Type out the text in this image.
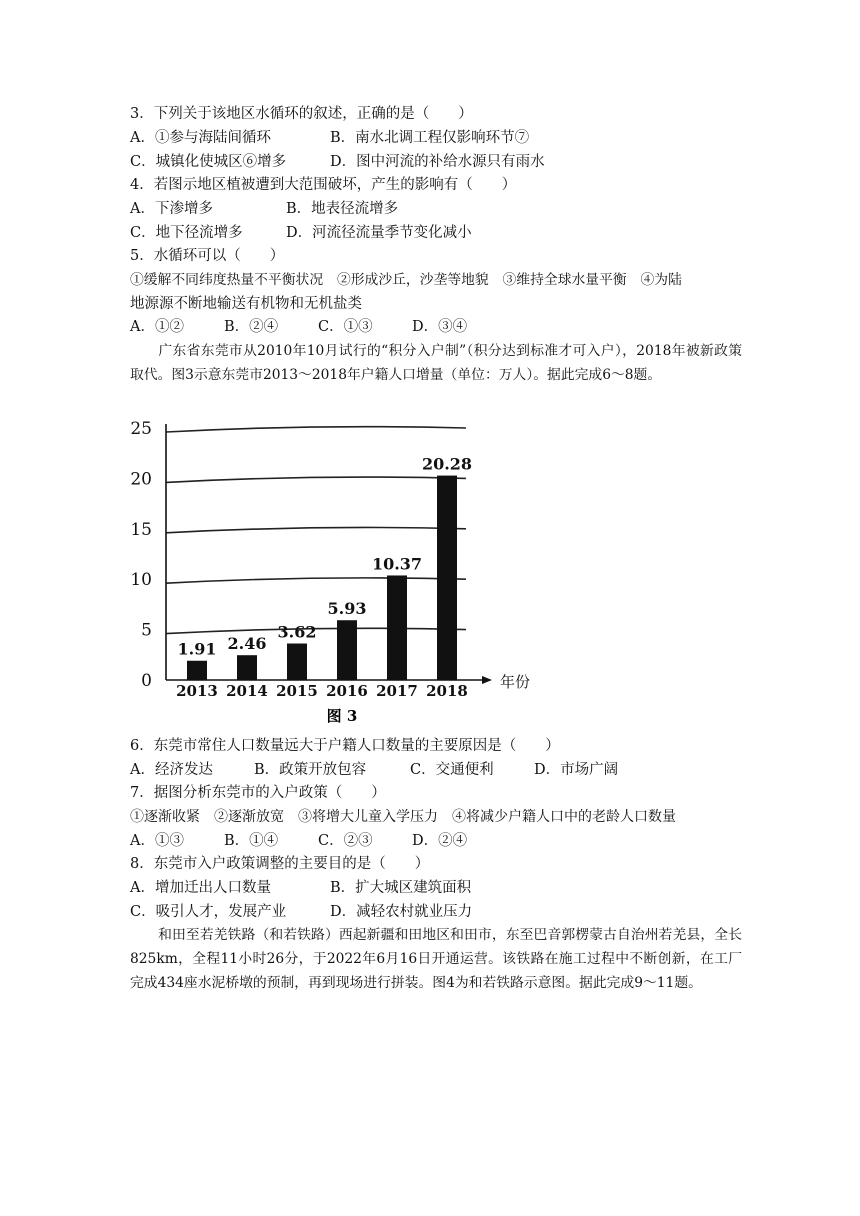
3．下列关于该地区水循环的叙述，正确的是（　　）
A．①参与海陆间循环	B．南水北调工程仅影响环节⑦
C．城镇化使城区⑥增多	D．图中河流的补给水源只有雨水
4．若图示地区植被遭到大范围破坏，产生的影响有（　　）
A．下渗增多	B．地表径流增多
C．地下径流增多	D．河流径流量季节变化减小
5．水循环可以（　　）
①缓解不同纬度热量不平衡状况　②形成沙丘，沙垄等地貌　③维持全球水量平衡　④为陆
地源源不断地输送有机物和无机盐类
A．①②	B．②④	C．①③	D．③④
广东省东莞市从2010年10月试行的“积分入户制”（积分达到标准才可入户），2018年被新政策取代。图3示意东莞市2013～2018年户籍人口增量（单位：万人）。据此完成6～8题。
0
5
10
15
20
25
年份
1.91
2013
2.46
2014
3.62
2015
5.93
2016
10.37
2017
20.28
2018
图 3
6．东莞市常住人口数量远大于户籍人口数量的主要原因是（　　）
A．经济发达	B．政策开放包容	C．交通便利	D．市场广阔
7．据图分析东莞市的入户政策（　　）
①逐渐收紧　②逐渐放宽　③将增大儿童入学压力　④将减少户籍人口中的老龄人口数量
A．①③	B．①④	C．②③	D．②④
8．东莞市入户政策调整的主要目的是（　　）
A．增加迁出人口数量	B．扩大城区建筑面积
C．吸引人才，发展产业	D．减轻农村就业压力
和田至若羌铁路（和若铁路）西起新疆和田地区和田市，东至巴音郭楞蒙古自治州若羌县，全长825km，全程11小时26分，于2022年6月16日开通运营。该铁路在施工过程中不断创新，在工厂完成434座水泥桥墩的预制，再到现场进行拼装。图4为和若铁路示意图。据此完成9～11题。
